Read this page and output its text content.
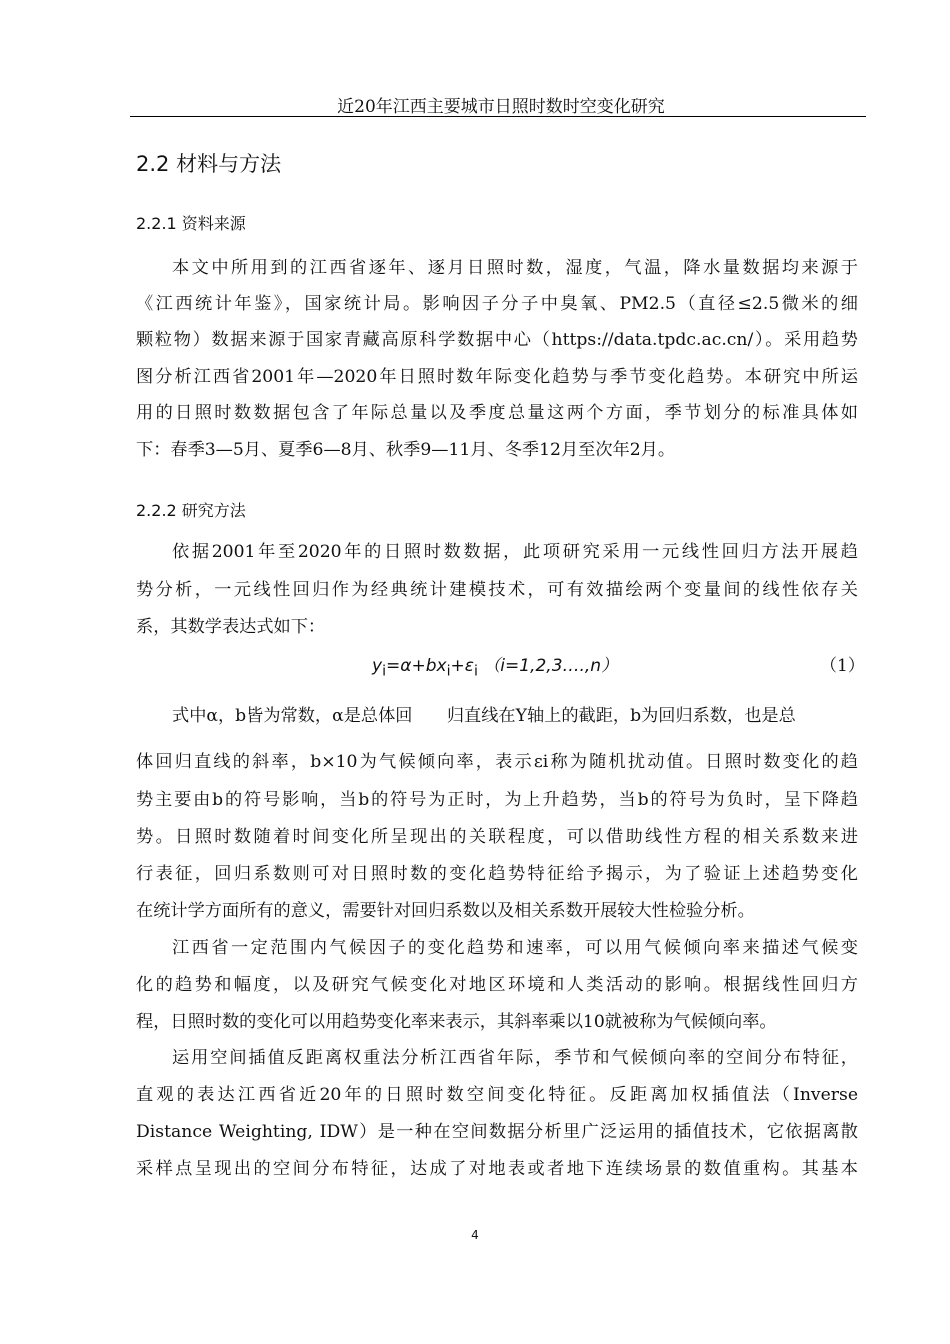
近20年江西主要城市日照时数时空变化研究
2.2 材料与方法
2.2.1 资料来源
本文中所用到的江西省逐年、逐月日照时数，湿度，气温，降水量数据均来源于
《江西统计年鉴》，国家统计局。影响因子分子中臭氧、PM2.5（直径≤2.5微米的细
颗粒物）数据来源于国家青藏高原科学数据中心（https://data.tpdc.ac.cn/）。采用趋势
图分析江西省2001年—2020年日照时数年际变化趋势与季节变化趋势。本研究中所运
用的日照时数数据包含了年际总量以及季度总量这两个方面，季节划分的标准具体如
下：春季3—5月、夏季6—8月、秋季9—11月、冬季12月至次年2月。
2.2.2 研究方法
依据2001年至2020年的日照时数数据，此项研究采用一元线性回归方法开展趋
势分析，一元线性回归作为经典统计建模技术，可有效描绘两个变量间的线性依存关
系，其数学表达式如下：
$y_i=\alpha+bx_i+\varepsilon_i$ （i=1,2,3….,n）	（1）
式中α，b皆为常数，α是总体回　　归直线在Y轴上的截距，b为回归系数，也是总
体回归直线的斜率，b×10为气候倾向率，表示εi称为随机扰动值。日照时数变化的趋
势主要由b的符号影响，当b的符号为正时，为上升趋势，当b的符号为负时，呈下降趋
势。日照时数随着时间变化所呈现出的关联程度，可以借助线性方程的相关系数来进
行表征，回归系数则可对日照时数的变化趋势特征给予揭示，为了验证上述趋势变化
在统计学方面所有的意义，需要针对回归系数以及相关系数开展较大性检验分析。
江西省一定范围内气候因子的变化趋势和速率，可以用气候倾向率来描述气候变
化的趋势和幅度，以及研究气候变化对地区环境和人类活动的影响。根据线性回归方
程，日照时数的变化可以用趋势变化率来表示，其斜率乘以10就被称为气候倾向率。
运用空间插值反距离权重法分析江西省年际，季节和气候倾向率的空间分布特征，
直观的表达江西省近20年的日照时数空间变化特征。反距离加权插值法（Inverse
Distance Weighting, IDW）是一种在空间数据分析里广泛运用的插值技术，它依据离散
采样点呈现出的空间分布特征，达成了对地表或者地下连续场景的数值重构。其基本
4
